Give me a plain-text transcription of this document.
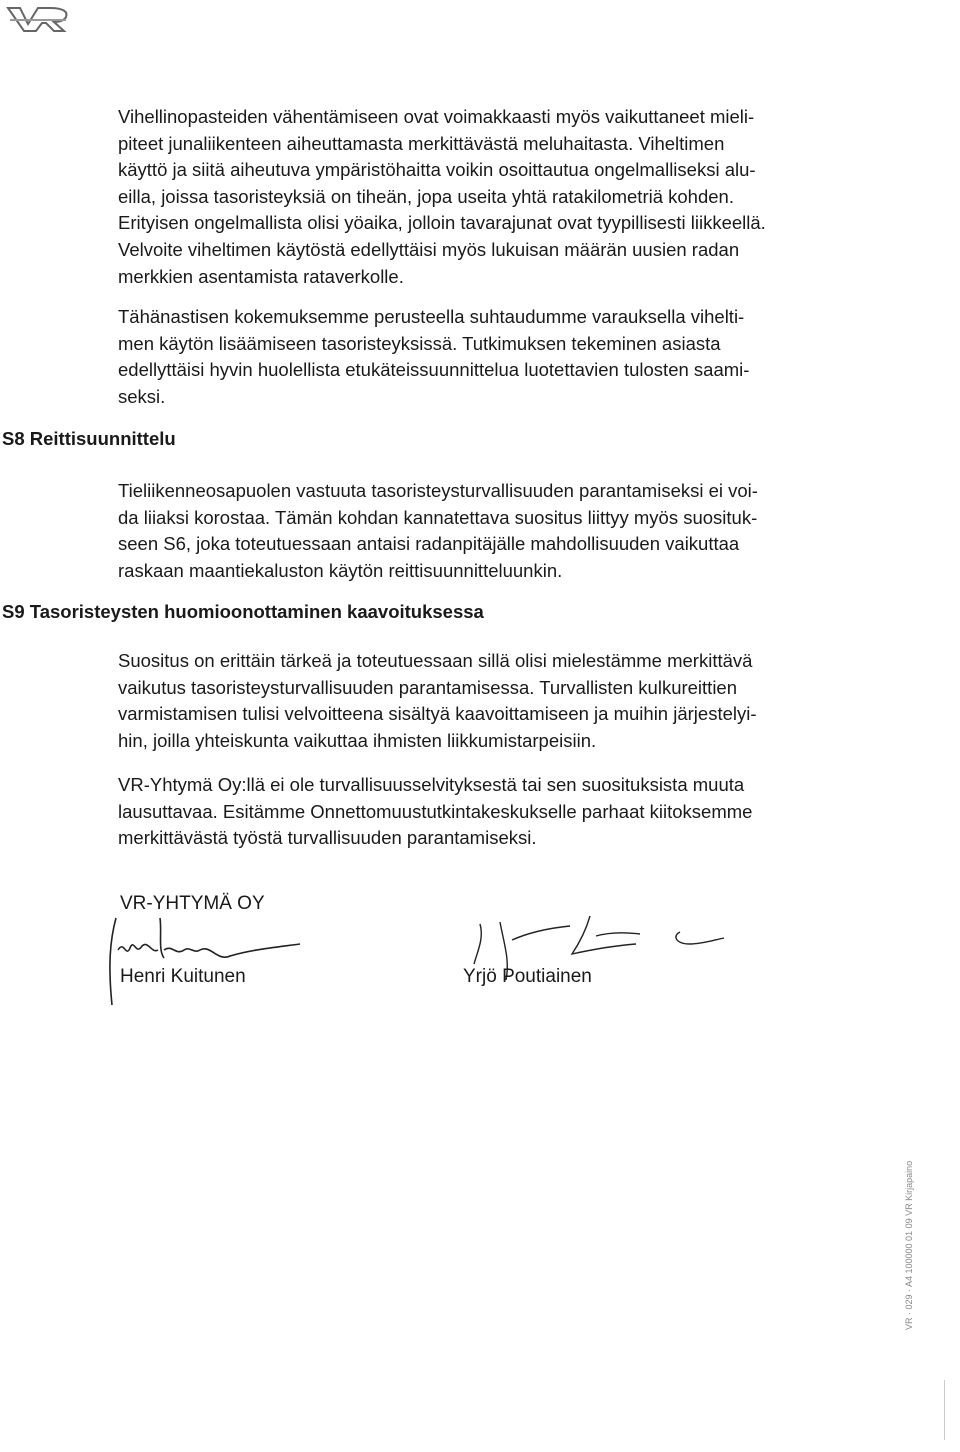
Vihellinopasteiden vähentämiseen ovat voimakkaasti myös vaikuttaneet mieli-
piteet junaliikenteen aiheuttamasta merkittävästä meluhaitasta. Viheltimen
käyttö ja siitä aiheutuva ympäristöhaitta voikin osoittautua ongelmalliseksi alu-
eilla, joissa tasoristeyksiä on tiheän, jopa useita yhtä ratakilometriä kohden.
Erityisen ongelmallista olisi yöaika, jolloin tavarajunat ovat tyypillisesti liikkeellä.
Velvoite viheltimen käytöstä edellyttäisi myös lukuisan määrän uusien radan
merkkien asentamista rataverkolle.

Tähänastisen kokemuksemme perusteella suhtaudumme varauksella vihelti-
men käytön lisäämiseen tasoristeyksissä. Tutkimuksen tekeminen asiasta
edellyttäisi hyvin huolellista etukäteissuunnittelua luotettavien tulosten saami-
seksi.

S8 Reittisuunnittelu

Tieliikenneosapuolen vastuuta tasoristeysturvallisuuden parantamiseksi ei voi-
da liiaksi korostaa. Tämän kohdan kannatettava suositus liittyy myös suosituk-
seen S6, joka toteutuessaan antaisi radanpitäjälle mahdollisuuden vaikuttaa
raskaan maantiekaluston käytön reittisuunnitteluunkin.

S9 Tasoristeysten huomioonottaminen kaavoituksessa

Suositus on erittäin tärkeä ja toteutuessaan sillä olisi mielestämme merkittävä
vaikutus tasoristeysturvallisuuden parantamisessa. Turvallisten kulkureittien
varmistamisen tulisi velvoitteena sisältyä kaavoittamiseen ja muihin järjestelyi-
hin, joilla yhteiskunta vaikuttaa ihmisten liikkumistarpeisiin.

VR-Yhtymä Oy:llä ei ole turvallisuusselvityksestä tai sen suosituksista muuta
lausuttavaa. Esitämme Onnettomuustutkintakeskukselle parhaat kiitoksemme
merkittävästä työstä turvallisuuden parantamiseksi.

VR-YHTYMÄ OY
Henri Kuitunen	Yrjö Poutiainen
VR · 029 · A4 100000 01 09 VR Kirjapaino
